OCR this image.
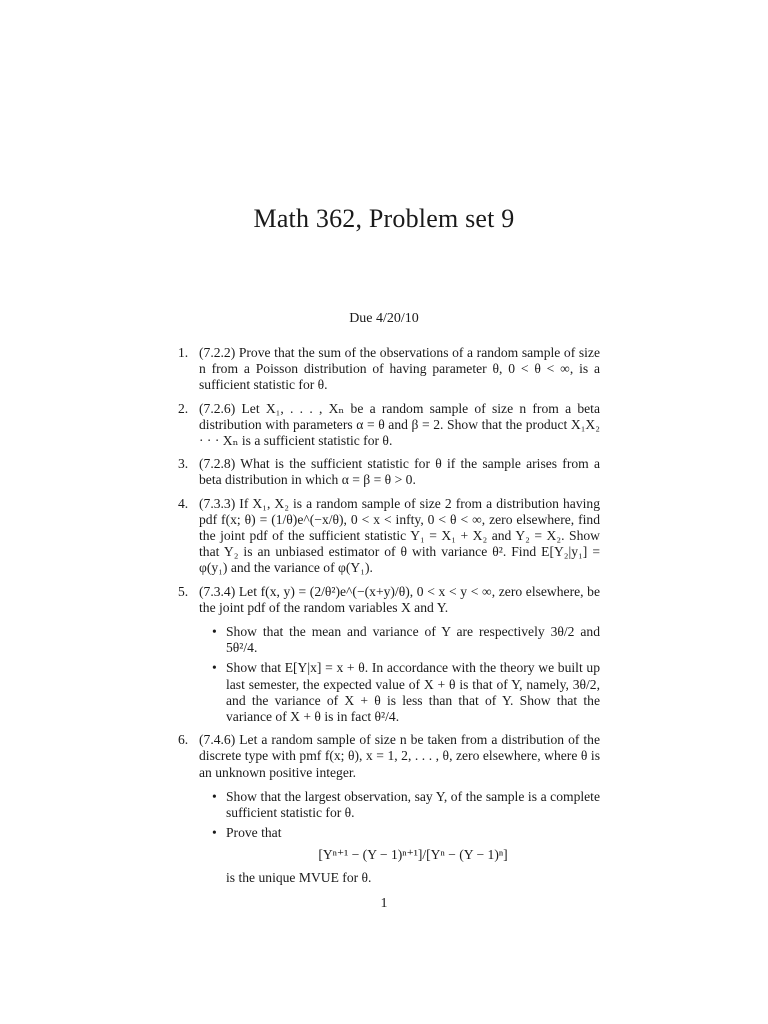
Math 362, Problem set 9
Due 4/20/10
1. (7.2.2) Prove that the sum of the observations of a random sample of size n from a Poisson distribution of having parameter θ, 0 < θ < ∞, is a sufficient statistic for θ.
2. (7.2.6) Let X₁, . . . , Xₙ be a random sample of size n from a beta distribution with parameters α = θ and β = 2. Show that the product X₁X₂ · · · Xₙ is a sufficient statistic for θ.
3. (7.2.8) What is the sufficient statistic for θ if the sample arises from a beta distribution in which α = β = θ > 0.
4. (7.3.3) If X₁, X₂ is a random sample of size 2 from a distribution having pdf f(x; θ) = (1/θ)e^(−x/θ), 0 < x < infty, 0 < θ < ∞, zero elsewhere, find the joint pdf of the sufficient statistic Y₁ = X₁ + X₂ and Y₂ = X₂. Show that Y₂ is an unbiased estimator of θ with variance θ². Find E[Y₂|y₁] = φ(y₁) and the variance of φ(Y₁).
5. (7.3.4) Let f(x, y) = (2/θ²)e^(−(x+y)/θ), 0 < x < y < ∞, zero elsewhere, be the joint pdf of the random variables X and Y.
• Show that the mean and variance of Y are respectively 3θ/2 and 5θ²/4.
• Show that E[Y|x] = x + θ. In accordance with the theory we built up last semester, the expected value of X + θ is that of Y, namely, 3θ/2, and the variance of X + θ is less than that of Y. Show that the variance of X + θ is in fact θ²/4.
6. (7.4.6) Let a random sample of size n be taken from a distribution of the discrete type with pmf f(x; θ), x = 1, 2, . . . , θ, zero elsewhere, where θ is an unknown positive integer.
• Show that the largest observation, say Y, of the sample is a complete sufficient statistic for θ.
• Prove that
[Yⁿ⁺¹ − (Y − 1)ⁿ⁺¹]/[Yⁿ − (Y − 1)ⁿ]
is the unique MVUE for θ.
1
